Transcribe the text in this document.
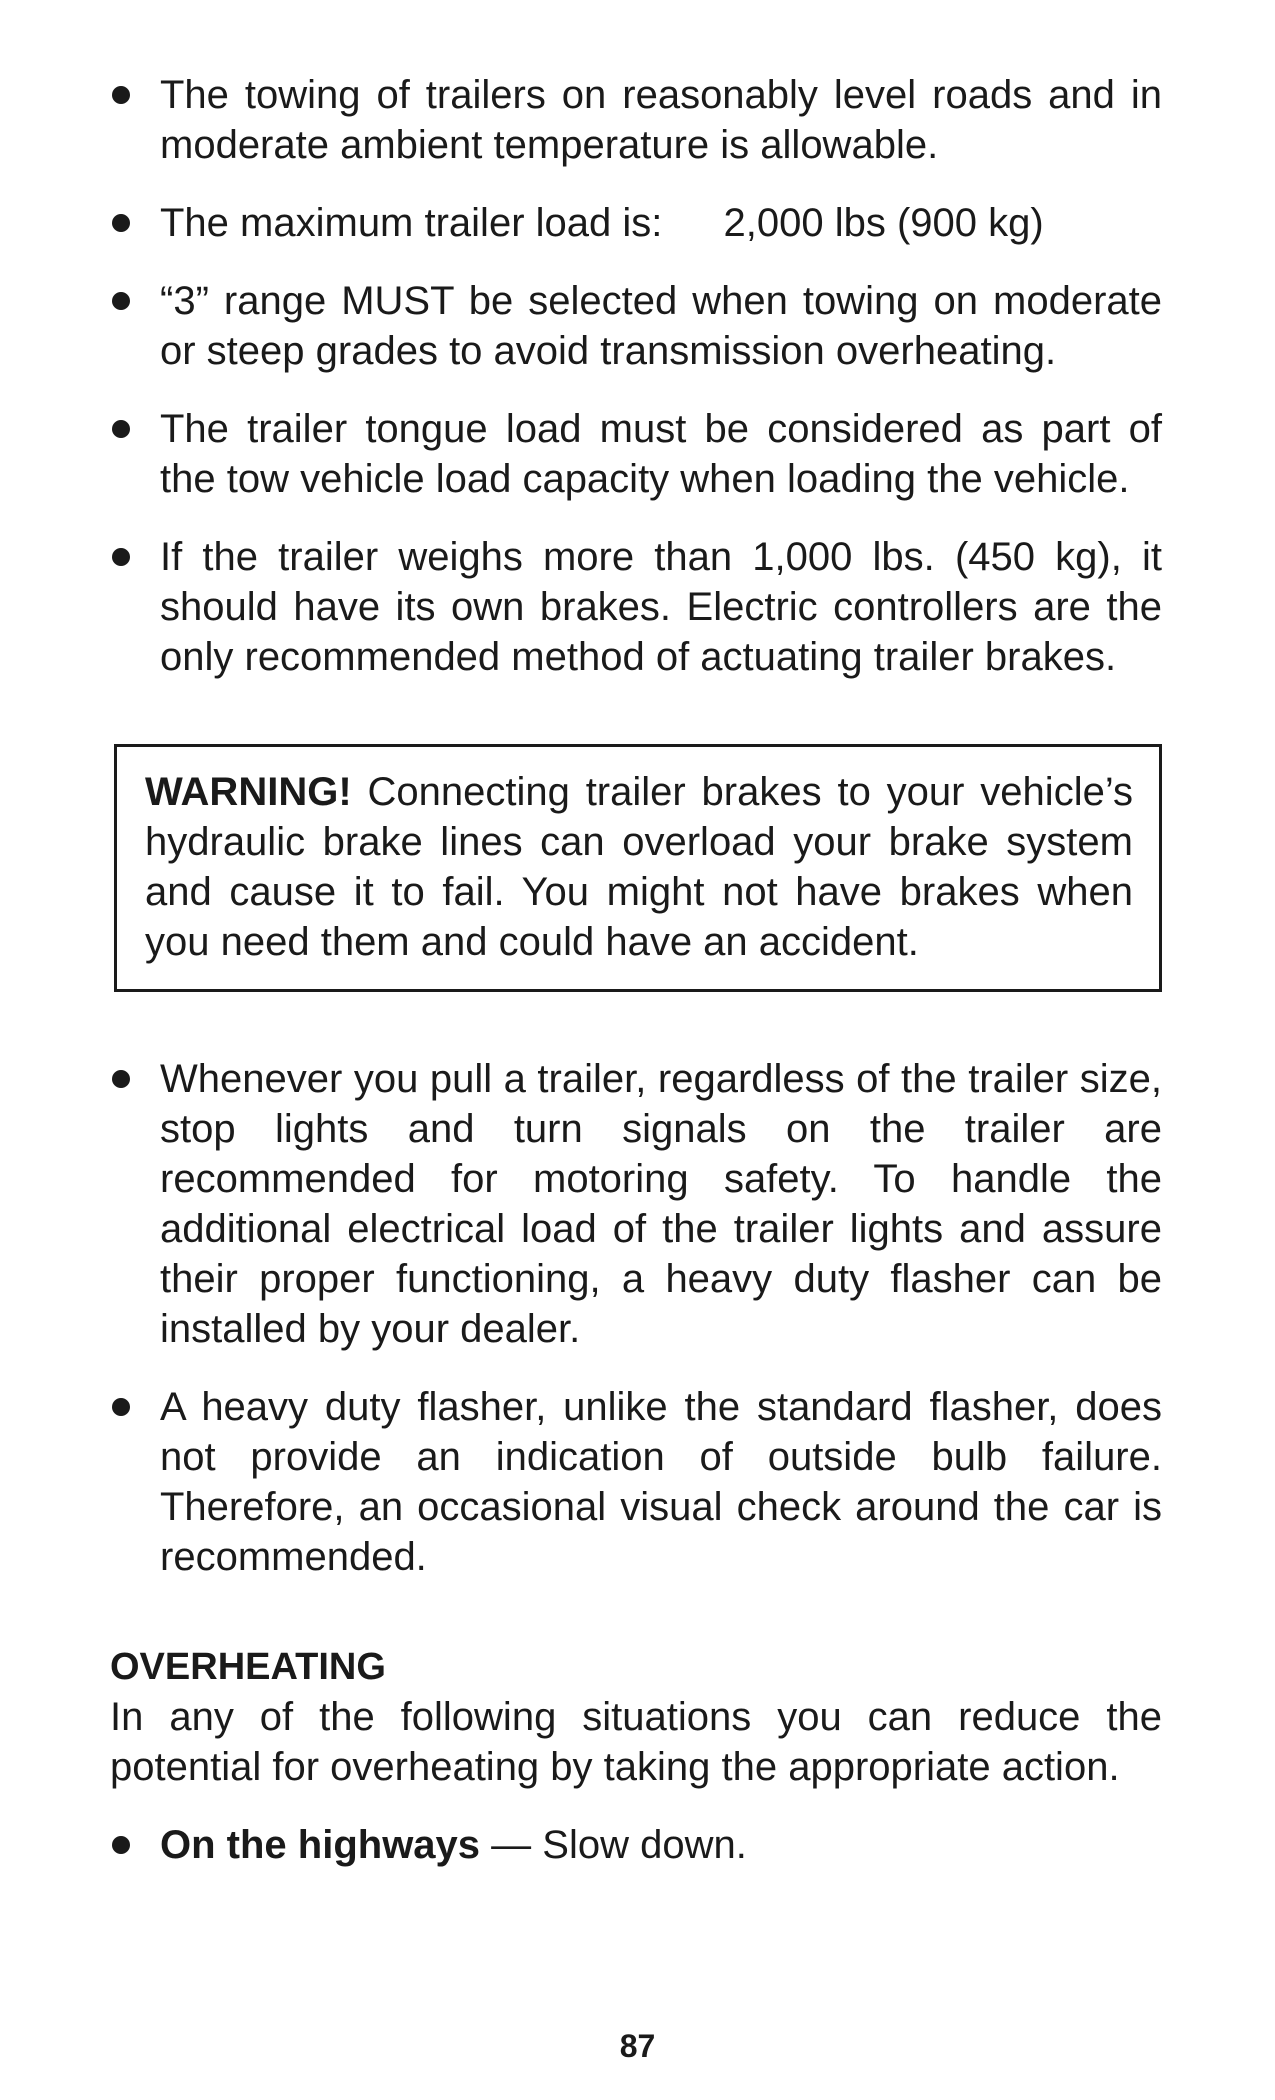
The towing of trailers on reasonably level roads and in moderate ambient temperature is allowable.
The maximum trailer load is: 2,000 lbs (900 kg)
“3” range MUST be selected when towing on moderate or steep grades to avoid transmission overheating.
The trailer tongue load must be considered as part of the tow vehicle load capacity when loading the vehicle.
If the trailer weighs more than 1,000 lbs. (450 kg), it should have its own brakes. Electric controllers are the only recommended method of actuating trailer brakes.
WARNING! Connecting trailer brakes to your vehicle’s hydraulic brake lines can overload your brake system and cause it to fail. You might not have brakes when you need them and could have an accident.
Whenever you pull a trailer, regardless of the trailer size, stop lights and turn signals on the trailer are recommended for motoring safety. To handle the additional electrical load of the trailer lights and assure their proper functioning, a heavy duty flasher can be installed by your dealer.
A heavy duty flasher, unlike the standard flasher, does not provide an indication of outside bulb failure. Therefore, an occasional visual check around the car is recommended.
OVERHEATING

In any of the following situations you can reduce the potential for overheating by taking the appropriate action.

On the highways — Slow down.
87
